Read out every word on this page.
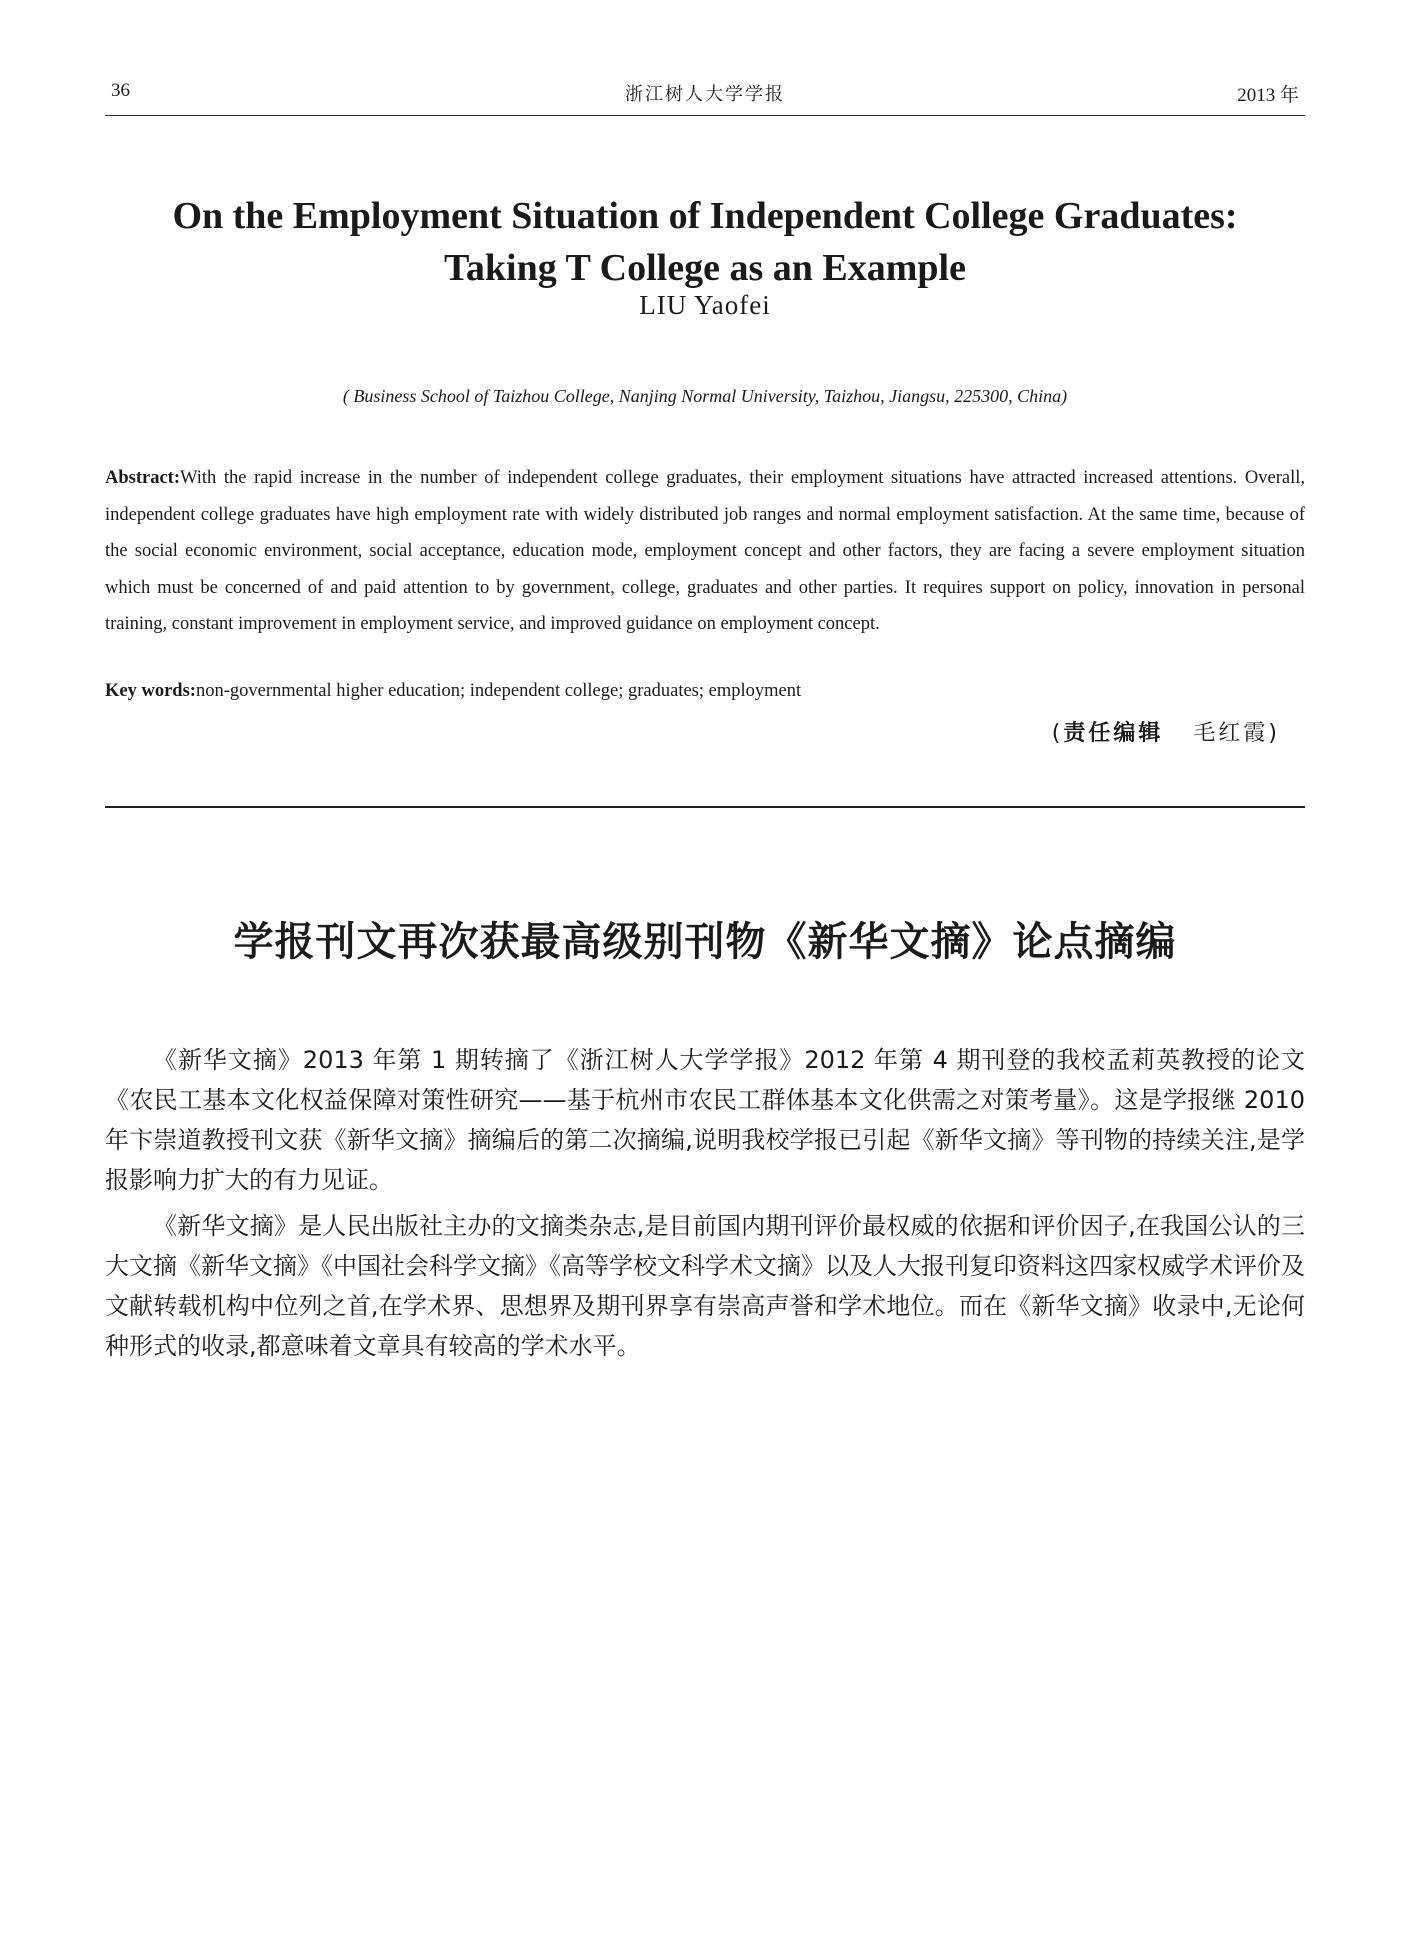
36	浙江树人大学学报	2013 年
On the Employment Situation of Independent College Graduates:
Taking T College as an Example
LIU Yaofei
( Business School of Taizhou College, Nanjing Normal University, Taizhou, Jiangsu, 225300, China)
Abstract:With the rapid increase in the number of independent college graduates, their employment situations have attracted increased attentions. Overall, independent college graduates have high employment rate with widely distributed job ranges and normal employment satisfaction. At the same time, because of the social economic environment, social acceptance, education mode, employment concept and other factors, they are facing a severe employment situation which must be concerned of and paid attention to by government, college, graduates and other parties. It requires support on policy, innovation in personal training, constant improvement in employment service, and improved guidance on employment concept.
Key words:non-governmental higher education; independent college; graduates; employment
(责任编辑 毛红霞)
学报刊文再次获最高级别刊物《新华文摘》论点摘编

《新华文摘》2013 年第 1 期转摘了《浙江树人大学学报》2012 年第 4 期刊登的我校孟莉英教授的论文《农民工基本文化权益保障对策性研究——基于杭州市农民工群体基本文化供需之对策考量》。这是学报继 2010 年卞崇道教授刊文获《新华文摘》摘编后的第二次摘编,说明我校学报已引起《新华文摘》等刊物的持续关注,是学报影响力扩大的有力见证。

《新华文摘》是人民出版社主办的文摘类杂志,是目前国内期刊评价最权威的依据和评价因子,在我国公认的三大文摘《新华文摘》《中国社会科学文摘》《高等学校文科学术文摘》以及人大报刊复印资料这四家权威学术评价及文献转载机构中位列之首,在学术界、思想界及期刊界享有崇高声誉和学术地位。而在《新华文摘》收录中,无论何种形式的收录,都意味着文章具有较高的学术水平。
